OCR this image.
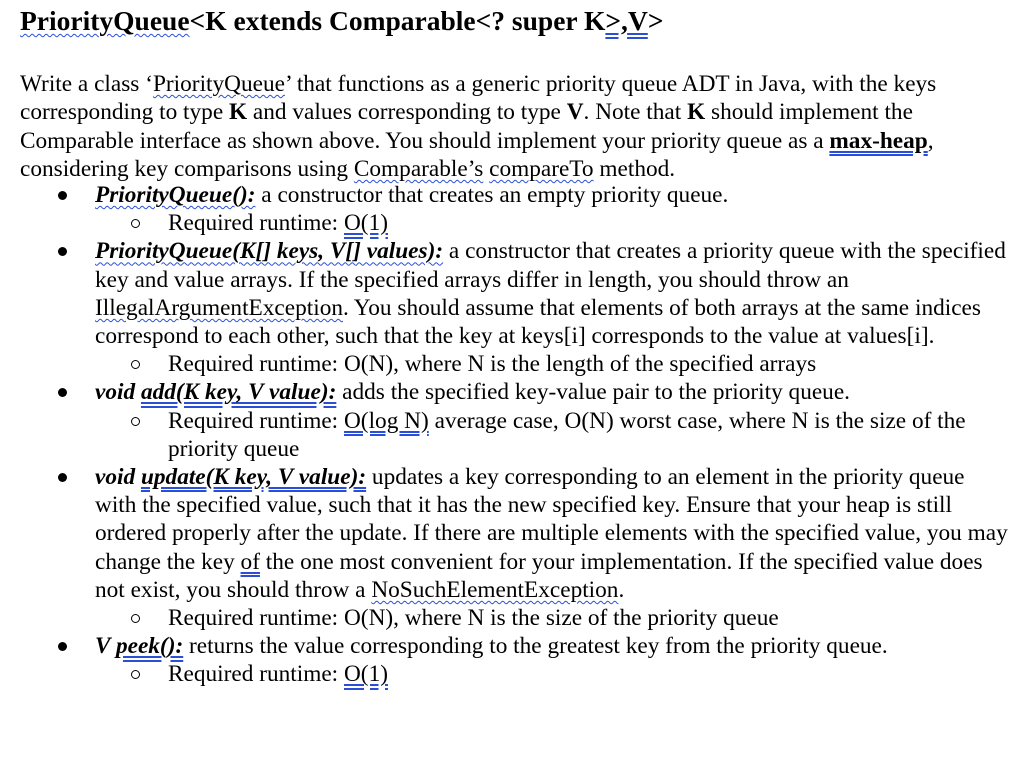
PriorityQueue<K extends Comparable<? super K>,V>

Write a class ‘PriorityQueue’ that functions as a generic priority queue ADT in Java, with the keys corresponding to type K and values corresponding to type V. Note that K should implement the Comparable interface as shown above. You should implement your priority queue as a max-heap, considering key comparisons using Comparable’s compareTo method.

PriorityQueue(): a constructor that creates an empty priority queue.
Required runtime: O(1)
PriorityQueue(K[] keys, V[] values): a constructor that creates a priority queue with the specified key and value arrays. If the specified arrays differ in length, you should throw an IllegalArgumentException. You should assume that elements of both arrays at the same indices correspond to each other, such that the key at keys[i] corresponds to the value at values[i].
Required runtime: O(N), where N is the length of the specified arrays
void add(K key, V value): adds the specified key-value pair to the priority queue.
Required runtime: O(log N) average case, O(N) worst case, where N is the size of the priority queue
void update(K key, V value): updates a key corresponding to an element in the priority queue with the specified value, such that it has the new specified key. Ensure that your heap is still ordered properly after the update. If there are multiple elements with the specified value, you may change the key of the one most convenient for your implementation. If the specified value does not exist, you should throw a NoSuchElementException.
Required runtime: O(N), where N is the size of the priority queue
V peek(): returns the value corresponding to the greatest key from the priority queue.
Required runtime: O(1)
